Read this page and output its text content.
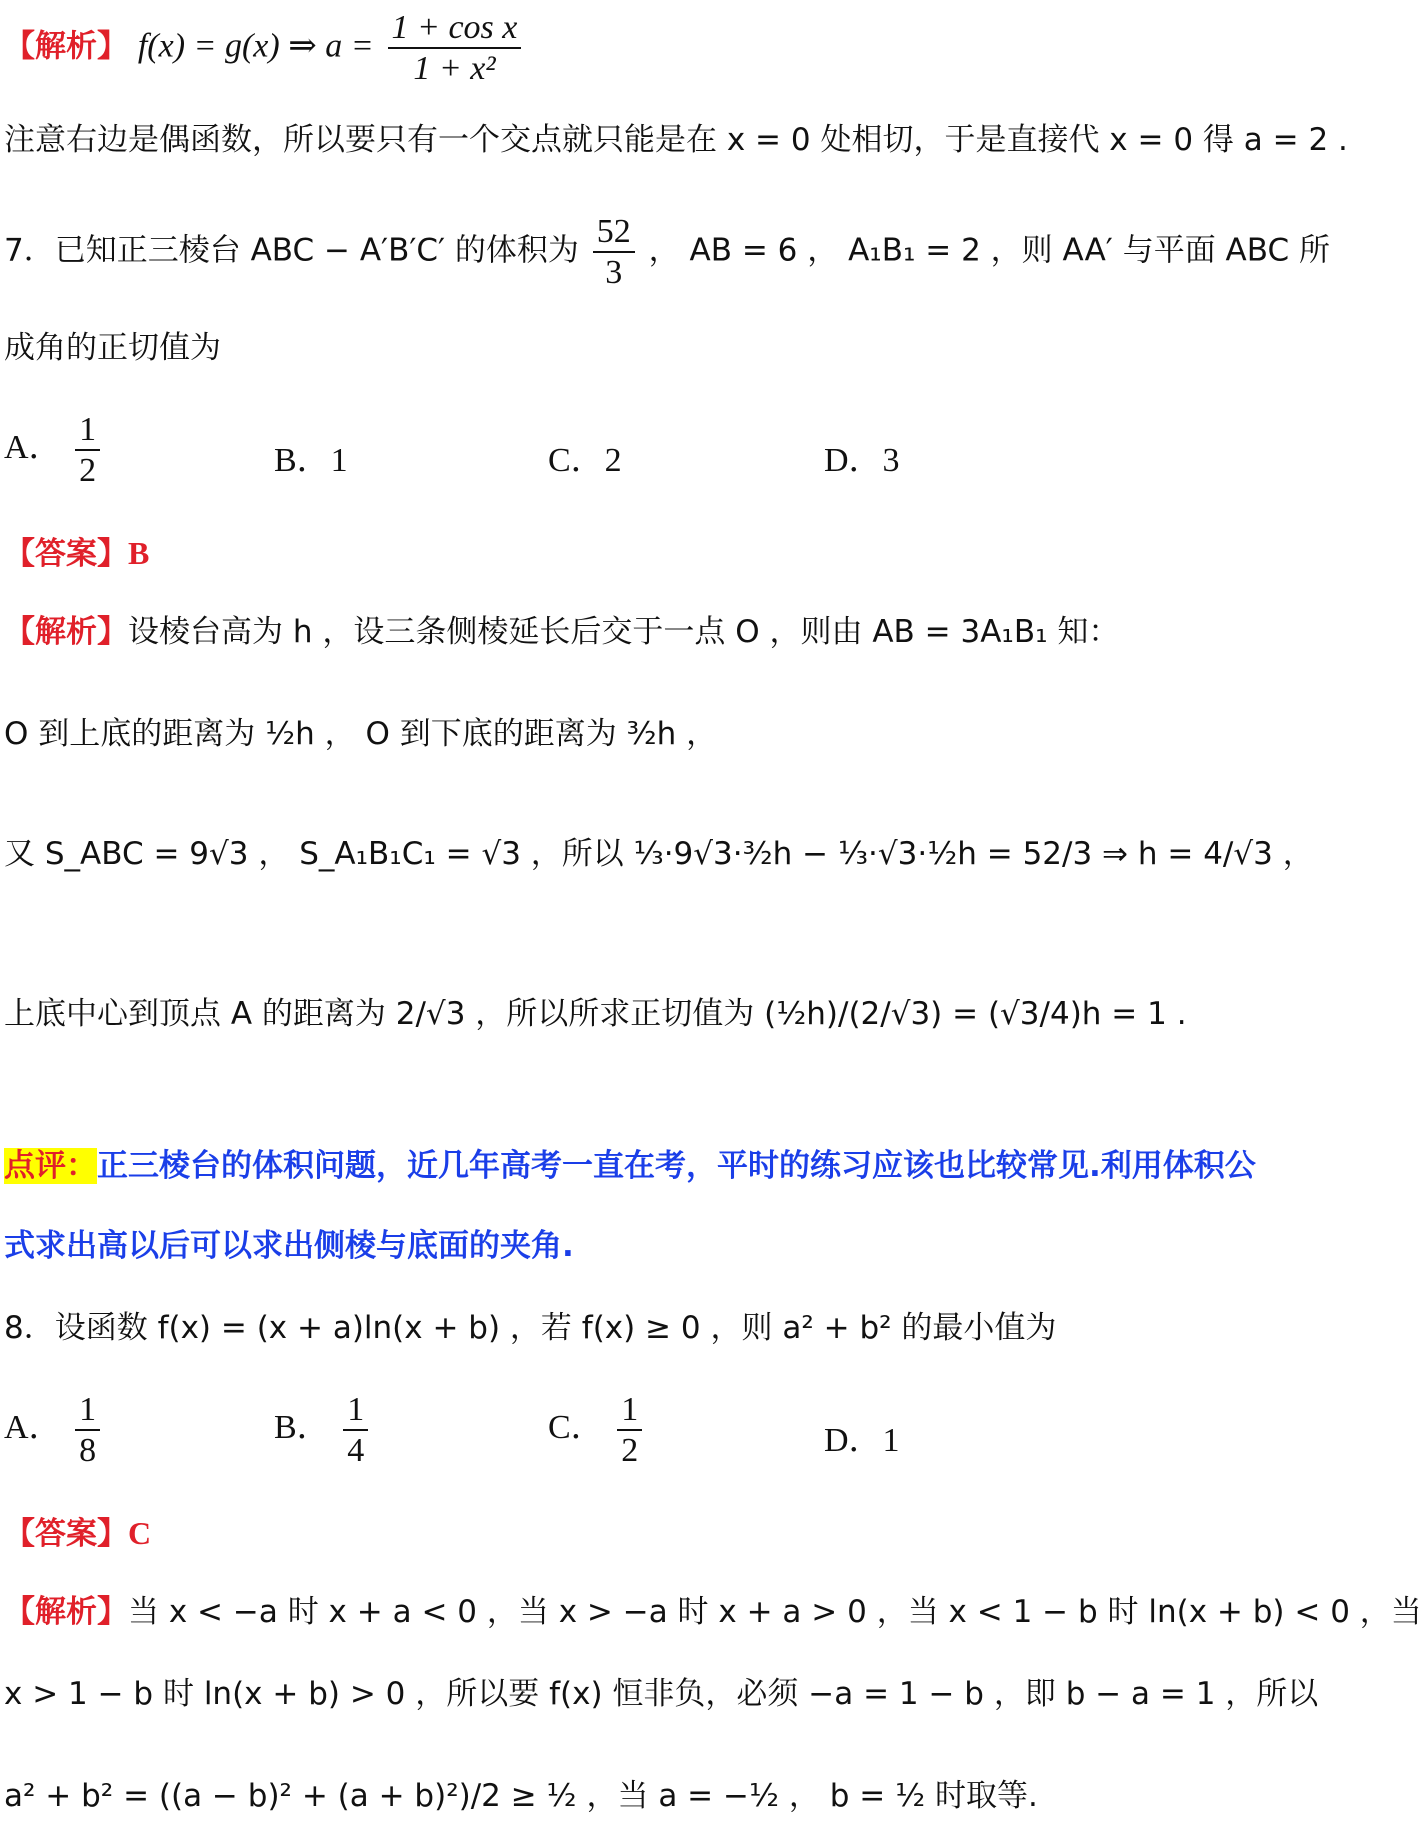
【解析】 f(x) = g(x) ⇒ $a = \frac{\text{1 + cos x}}{\text{1 + x²}}$
注意右边是偶函数，所以要只有一个交点就只能是在 x = 0 处相切，于是直接代 x = 0 得 a = 2 .
7．已知正三棱台 ABC − A′B′C′ 的体积为 $\frac{52}{3}$ ， AB = 6 ， A₁B₁ = 2 ，则 AA′ 与平面 ABC 所
成角的正切值为
A． $\frac{1}{2}$	B．1	C．2	D．3
【答案】B
【解析】设棱台高为 h ，设三条侧棱延长后交于一点 O ，则由 AB = 3A₁B₁ 知：
O 到上底的距离为 ½h ， O 到下底的距离为 ³⁄₂h ，
又 S_ABC = 9√3 ， S_A₁B₁C₁ = √3 ，所以 ⅓·9√3·³⁄₂h − ⅓·√3·½h = 52/3 ⇒ h = 4/√3 ，
上底中心到顶点 A 的距离为 2/√3 ，所以所求正切值为 (½h)/(2/√3) = (√3/4)h = 1 .
点评：正三棱台的体积问题，近几年高考一直在考，平时的练习应该也比较常见.利用体积公
式求出高以后可以求出侧棱与底面的夹角.
8．设函数 f(x) = (x + a)ln(x + b) ，若 f(x) ≥ 0 ，则 a² + b² 的最小值为
A． $\frac{1}{8}$	B． $\frac{1}{4}$	C． $\frac{1}{2}$	D．1
【答案】C
【解析】当 x < −a 时 x + a < 0 ，当 x > −a 时 x + a > 0 ，当 x < 1 − b 时 ln(x + b) < 0 ，当
x > 1 − b 时 ln(x + b) > 0 ，所以要 f(x) 恒非负，必须 −a = 1 − b ，即 b − a = 1 ，所以
a² + b² = ((a − b)² + (a + b)²)/2 ≥ ½ ，当 a = −½ ， b = ½ 时取等.
